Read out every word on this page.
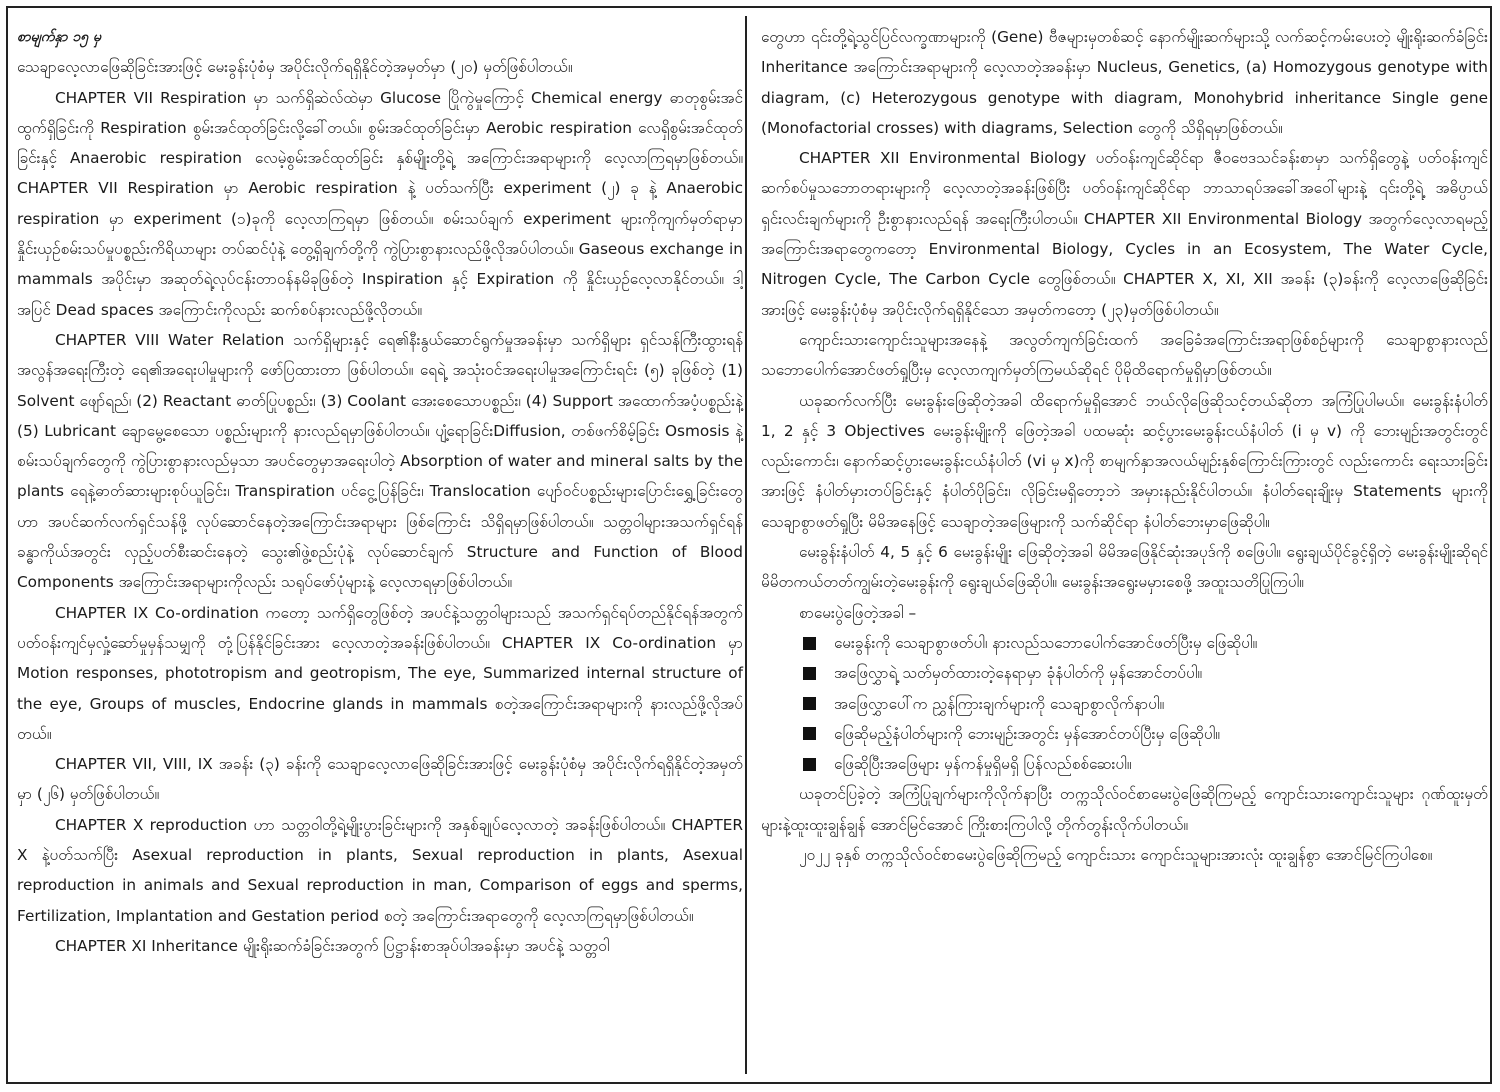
စာမျက်နှာ ၁၅ မှ

သေချာလေ့လာဖြေဆိုခြင်းအားဖြင့် မေးခွန်းပုံစံမှ အပိုင်းလိုက်ရရှိနိုင်တဲ့အမှတ်မှာ (၂၀) မှတ်ဖြစ်ပါတယ်။

CHAPTER VII Respiration မှာ သက်ရှိဆဲလ်ထဲမှာ Glucose ပြိုကွဲမှုကြောင့် Chemical energy ဓာတုစွမ်းအင်ထွက်ရှိခြင်းကို Respiration စွမ်းအင်ထုတ်ခြင်းလို့ခေါ်တယ်။ စွမ်းအင်ထုတ်ခြင်းမှာ Aerobic respiration လေရှိစွမ်းအင်ထုတ်ခြင်းနှင့် Anaerobic respiration လေမဲ့စွမ်းအင်ထုတ်ခြင်း နှစ်မျိုးတို့ရဲ့ အကြောင်းအရာများကို လေ့လာကြရမှာဖြစ်တယ်။ CHAPTER VII Respiration မှာ Aerobic respiration နဲ့ ပတ်သက်ပြီး experiment (၂) ခု နဲ့ Anaerobic respiration မှာ experiment (၁)ခုကို လေ့လာကြရမှာ ဖြစ်တယ်။ စမ်းသပ်ချက် experiment များကိုကျက်မှတ်ရာမှာ နှိုင်းယှဉ်စမ်းသပ်မှုပစ္စည်းကိရိယာများ တပ်ဆင်ပုံနဲ့ တွေ့ရှိချက်တို့ကို ကွဲပြားစွာနားလည်ဖို့လိုအပ်ပါတယ်။ Gaseous exchange in mammals အပိုင်းမှာ အဆုတ်ရဲ့လုပ်ငန်းတာဝန်နမိခုဖြစ်တဲ့ Inspiration နှင့် Expiration ကို နှိုင်းယှဉ်လေ့လာနိုင်တယ်။ ဒါ့အပြင် Dead spaces အကြောင်းကိုလည်း ဆက်စပ်နားလည်ဖို့လိုတယ်။

CHAPTER VIII Water Relation သက်ရှိများနှင့် ရေ၏နီးနွယ်ဆောင်ရွက်မှုအခန်းမှာ သက်ရှိများ ရှင်သန်ကြီးထွားရန် အလွန်အရေးကြီးတဲ့ ရေ၏အရေးပါမှုများကို ဖော်ပြထားတာ ဖြစ်ပါတယ်။ ရေရဲ့ အသုံးဝင်အရေးပါမှုအကြောင်းရင်း (၅) ခုဖြစ်တဲ့ (1) Solvent ဖျော်ရည်၊ (2) Reactant ဓာတ်ပြုပစ္စည်း၊ (3) Coolant အေးစေသောပစ္စည်း၊ (4) Support အထောက်အပံ့ပစ္စည်းနဲ့ (5) Lubricant ချောမွေ့စေသော ပစ္စည်းများကို နားလည်ရမှာဖြစ်ပါတယ်။ ပျံ့ရောခြင်းDiffusion, တစ်ဖက်စိမ့်ခြင်း Osmosis နဲ့စမ်းသပ်ချက်တွေကို ကွဲပြားစွာနားလည်မှသာ အပင်တွေမှာအရေးပါတဲ့ Absorption of water and mineral salts by the plants ရေနဲ့ဓာတ်ဆားများစုပ်ယူခြင်း၊ Transpiration ပင်ငွေ့ပြန်ခြင်း၊ Translocation ပျော်ဝင်ပစ္စည်းများပြောင်းရွှေ့ခြင်းတွေဟာ အပင်ဆက်လက်ရှင်သန်ဖို့ လုပ်ဆောင်နေတဲ့အကြောင်းအရာများ ဖြစ်ကြောင်း သိရှိရမှာဖြစ်ပါတယ်။ သတ္တဝါများအသက်ရှင်ရန် ခန္ဓာကိုယ်အတွင်း လှည့်ပတ်စီးဆင်းနေတဲ့ သွေး၏ဖွဲ့စည်းပုံနဲ့ လုပ်ဆောင်ချက် Structure and Function of Blood Components အကြောင်းအရာများကိုလည်း သရုပ်ဖော်ပုံများနဲ့ လေ့လာရမှာဖြစ်ပါတယ်။

CHAPTER IX Co-ordination ကတော့ သက်ရှိတွေဖြစ်တဲ့ အပင်နဲ့သတ္တဝါများသည် အသက်ရှင်ရပ်တည်နိုင်ရန်အတွက် ပတ်ဝန်းကျင်မှလှုံ့ဆော်မှုမှန်သမျှကို တုံ့ပြန်နိုင်ခြင်းအား လေ့လာတဲ့အခန်းဖြစ်ပါတယ်။ CHAPTER IX Co-ordination မှာ Motion responses, phototropism and geotropism, The eye, Summarized internal structure of the eye, Groups of muscles, Endocrine glands in mammals စတဲ့အကြောင်းအရာများကို နားလည်ဖို့လိုအပ်တယ်။

CHAPTER VII, VIII, IX အခန်း (၃) ခန်းကို သေချာလေ့လာဖြေဆိုခြင်းအားဖြင့် မေးခွန်းပုံစံမှ အပိုင်းလိုက်ရရှိနိုင်တဲ့အမှတ်မှာ (၂၆) မှတ်ဖြစ်ပါတယ်။

CHAPTER X reproduction ဟာ သတ္တဝါတို့ရဲ့မျိုးပွားခြင်းများကို အနှစ်ချုပ်လေ့လာတဲ့ အခန်းဖြစ်ပါတယ်။ CHAPTER X နဲ့ပတ်သက်ပြီး Asexual reproduction in plants, Sexual reproduction in plants, Asexual reproduction in animals and Sexual reproduction in man, Comparison of eggs and sperms, Fertilization, Implantation and Gestation period စတဲ့ အကြောင်းအရာတွေကို လေ့လာကြရမှာဖြစ်ပါတယ်။

CHAPTER XI Inheritance မျိုးရိုးဆက်ခံခြင်းအတွက် ပြဋ္ဌာန်းစာအုပ်ပါအခန်းမှာ အပင်နဲ့ သတ္တဝါ

တွေဟာ ၎င်းတို့ရဲ့သွင်ပြင်လက္ခဏာများကို (Gene) ဗီဇများမှတစ်ဆင့် နောက်မျိုးဆက်များသို့ လက်ဆင့်ကမ်းပေးတဲ့ မျိုးရိုးဆက်ခံခြင်း Inheritance အကြောင်းအရာများကို လေ့လာတဲ့အခန်းမှာ Nucleus, Genetics, (a) Homozygous genotype with diagram, (c) Heterozygous genotype with diagram, Monohybrid inheritance Single gene (Monofactorial crosses) with diagrams, Selection တွေကို သိရှိရမှာဖြစ်တယ်။

CHAPTER XII Environmental Biology ပတ်ဝန်းကျင်ဆိုင်ရာ ဇီဝဗေဒသင်ခန်းစာမှာ သက်ရှိတွေနဲ့ ပတ်ဝန်းကျင်ဆက်စပ်မှုသဘောတရားများကို လေ့လာတဲ့အခန်းဖြစ်ပြီး ပတ်ဝန်းကျင်ဆိုင်ရာ ဘာသာရပ်အခေါ်အဝေါ်များနဲ့ ၎င်းတို့ရဲ့ အဓိပ္ပာယ်ရှင်းလင်းချက်များကို ဦးစွာနားလည်ရန် အရေးကြီးပါတယ်။ CHAPTER XII Environmental Biology အတွက်လေ့လာရမည့် အကြောင်းအရာတွေကတော့ Environmental Biology, Cycles in an Ecosystem, The Water Cycle, Nitrogen Cycle, The Carbon Cycle တွေဖြစ်တယ်။ CHAPTER X, XI, XII အခန်း (၃)ခန်းကို လေ့လာဖြေဆိုခြင်းအားဖြင့် မေးခွန်းပုံစံမှ အပိုင်းလိုက်ရရှိနိုင်သော အမှတ်ကတော့ (၂၃)မှတ်ဖြစ်ပါတယ်။

ကျောင်းသားကျောင်းသူများအနေနဲ့ အလွတ်ကျက်ခြင်းထက် အခြေခံအကြောင်းအရာဖြစ်စဉ်များကို သေချာစွာနားလည်သဘောပေါက်အောင်ဖတ်ရှုပြီးမှ လေ့လာကျက်မှတ်ကြမယ်ဆိုရင် ပိုမိုထိရောက်မှုရှိမှာဖြစ်တယ်။

ယခုဆက်လက်ပြီး မေးခွန်းဖြေဆိုတဲ့အခါ ထိရောက်မှုရှိအောင် ဘယ်လိုဖြေဆိုသင့်တယ်ဆိုတာ အကြံပြုပါမယ်။ မေးခွန်းနံပါတ် 1, 2 နှင့် 3 Objectives မေးခွန်းမျိုးကို ဖြေတဲ့အခါ ပထမဆုံး ဆင့်ပွားမေးခွန်းငယ်နံပါတ် (i မှ v) ကို ဘေးမျဉ်းအတွင်းတွင် လည်းကောင်း၊ နောက်ဆင့်ပွားမေးခွန်းငယ်နံပါတ် (vi မှ x)ကို စာမျက်နှာအလယ်မျဉ်းနှစ်ကြောင်းကြားတွင် လည်းကောင်း ရေးသားခြင်းအားဖြင့် နံပါတ်မှားတပ်ခြင်းနှင့် နံပါတ်ပိုခြင်း၊ လိုခြင်းမရှိတော့ဘဲ အမှားနည်းနိုင်ပါတယ်။ နံပါတ်ရေးချိုးမှ Statements များကို သေချာစွာဖတ်ရှုပြီး မိမိအနေဖြင့် သေချာတဲ့အဖြေများကို သက်ဆိုင်ရာ နံပါတ်ဘေးမှာဖြေဆိုပါ။

မေးခွန်းနံပါတ် 4, 5 နှင့် 6 မေးခွန်းမျိုး ဖြေဆိုတဲ့အခါ မိမိအဖြေနိုင်ဆုံးအပုဒ်ကို စဖြေပါ။ ရွေးချယ်ပိုင်ခွင့်ရှိတဲ့ မေးခွန်းမျိုးဆိုရင် မိမိတကယ်တတ်ကျွမ်းတဲ့မေးခွန်းကို ရွေးချယ်ဖြေဆိုပါ။ မေးခွန်းအရွေးမမှားစေဖို့ အထူးသတိပြုကြပါ။

စာမေးပွဲဖြေတဲ့အခါ –

မေးခွန်းကို သေချာစွာဖတ်ပါ၊ နားလည်သဘောပေါက်အောင်ဖတ်ပြီးမှ ဖြေဆိုပါ။
အဖြေလွှာရဲ့ သတ်မှတ်ထားတဲ့နေရာမှာ ခုံနံပါတ်ကို မှန်အောင်တပ်ပါ။
အဖြေလွှာပေါ်က ညွှန်ကြားချက်များကို သေချာစွာလိုက်နာပါ။
ဖြေဆိုမည့်နံပါတ်များကို ဘေးမျဉ်းအတွင်း မှန်အောင်တပ်ပြီးမှ ဖြေဆိုပါ။
ဖြေဆိုပြီးအဖြေများ မှန်ကန်မှုရှိမရှိ ပြန်လည်စစ်ဆေးပါ။

ယခုတင်ပြခဲ့တဲ့ အကြံပြုချက်များကိုလိုက်နာပြီး တက္ကသိုလ်ဝင်စာမေးပွဲဖြေဆိုကြမည့် ကျောင်းသားကျောင်းသူများ ဂုဏ်ထူးမှတ်များနဲ့ထူးထူးချွန်ချွန် အောင်မြင်အောင် ကြိုးစားကြပါလို့ တိုက်တွန်းလိုက်ပါတယ်။

၂၀၂၂ ခုနှစ် တက္ကသိုလ်ဝင်စာမေးပွဲဖြေဆိုကြမည့် ကျောင်းသား ကျောင်းသူများအားလုံး ထူးချွန်စွာ အောင်မြင်ကြပါစေ။
